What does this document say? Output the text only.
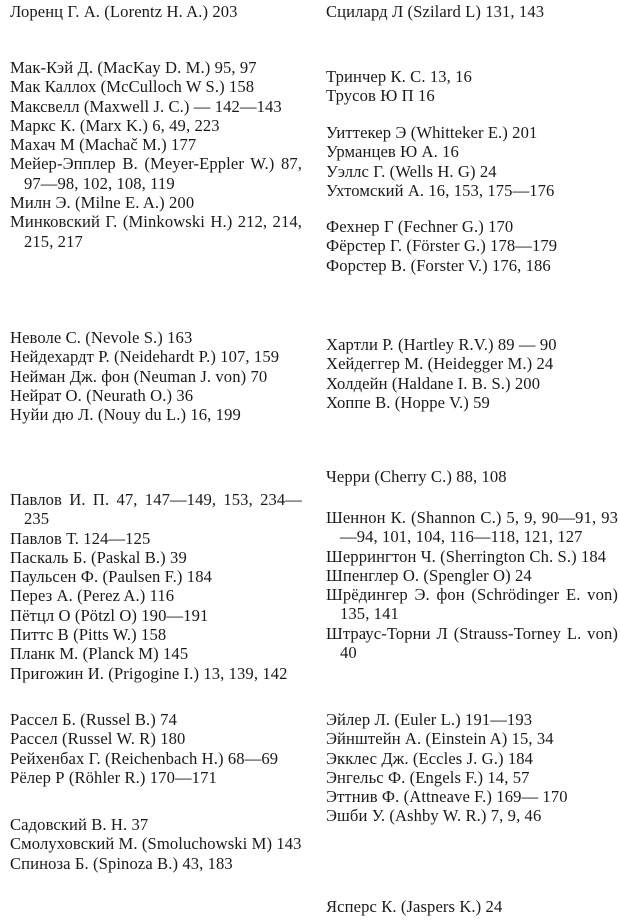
Лоренц Г. А. (Lorentz H. A.) 203
Мак-Кэй Д. (MacKay D. M.) 95, 97
Мак Каллох (McCulloch W S.) 158
Максвелл (Maxwell J. C.) — 142—143
Маркс К. (Marx K.) 6, 49, 223
Махач М (Machač M.) 177
Мейер-Эпплер В. (Meyer-Eppler W.) 87, 97—98, 102, 108, 119
Милн Э. (Milne E. A.) 200
Минковский Г. (Minkowski H.) 212, 214, 215, 217
Неволе С. (Nevole S.) 163
Нейдехардт Р. (Neidehardt P.) 107, 159
Нейман Дж. фон (Neuman J. von) 70
Нейрат О. (Neurath O.) 36
Нуйи дю Л. (Nouy du L.) 16, 199
Павлов И. П. 47, 147—149, 153, 234—235
Павлов Т. 124—125
Паскаль Б. (Paskal B.) 39
Паульсен Ф. (Paulsen F.) 184
Перез А. (Perez A.) 116
Пётцл О (Pötzl O) 190—191
Питтс В (Pitts W.) 158
Планк М. (Planck M) 145
Пригожин И. (Prigogine I.) 13, 139, 142
Рассел Б. (Russel B.) 74
Рассел (Russel W. R) 180
Рейхенбах Г. (Reichenbach H.) 68—69
Рёлер Р (Röhler R.) 170—171
Садовский В. Н. 37
Смолуховский М. (Smoluchowski M) 143
Спиноза Б. (Spinoza B.) 43, 183
Сцилард Л (Szilard L) 131, 143
Тринчер К. С. 13, 16
Трусов Ю П 16
Уиттекер Э (Whitteker E.) 201
Урманцев Ю А. 16
Уэллс Г. (Wells H. G) 24
Ухтомский А. 16, 153, 175—176
Фехнер Г (Fechner G.) 170
Фёрстер Г. (Förster G.) 178—179
Форстер В. (Forster V.) 176, 186
Хартли Р. (Hartley R.V.) 89 — 90
Хейдеггер М. (Heidegger M.) 24
Холдейн (Haldane I. B. S.) 200
Хоппе В. (Hoppe V.) 59
Черри (Cherry C.) 88, 108
Шеннон К. (Shannon C.) 5, 9, 90—91, 93—94, 101, 104, 116—118, 121, 127
Шеррингтон Ч. (Sherrington Ch. S.) 184
Шпенглер О. (Spengler O) 24
Шрёдингер Э. фон (Schrödinger E. von) 135, 141
Штраус-Торни Л (Strauss-Torney L. von) 40
Эйлер Л. (Euler L.) 191—193
Эйнштейн А. (Einstein A) 15, 34
Экклес Дж. (Eccles J. G.) 184
Энгельс Ф. (Engels F.) 14, 57
Эттнив Ф. (Attneave F.) 169— 170
Эшби У. (Ashby W. R.) 7, 9, 46
Ясперс К. (Jaspers K.) 24
